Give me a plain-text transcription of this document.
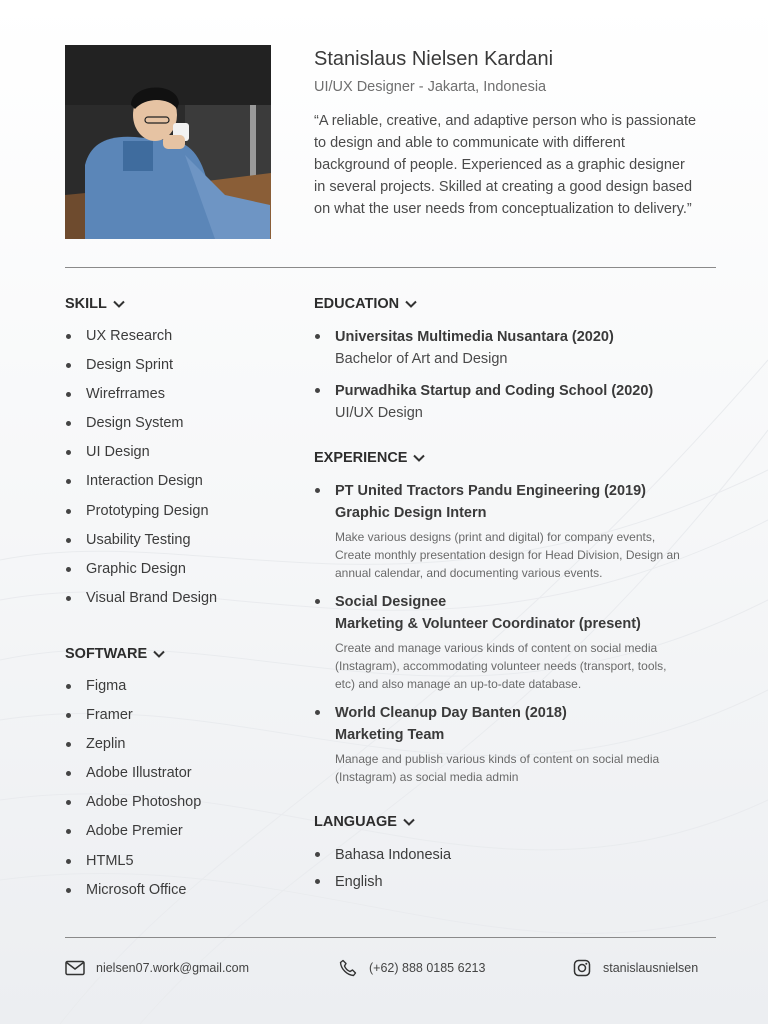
Stanislaus Nielsen Kardani
UI/UX Designer - Jakarta, Indonesia

“A reliable, creative, and adaptive person who is passionate to design and able to communicate with different background of people. Experienced as a graphic designer in several projects. Skilled at creating a good design based on what the user needs from conceptualization to delivery.”

SKILL
UX Research
Design Sprint
Wirefrrames
Design System
UI Design
Interaction Design
Prototyping Design
Usability Testing
Graphic Design
Visual Brand Design
SOFTWARE
Figma
Framer
Zeplin
Adobe Illustrator
Adobe Photoshop
Adobe Premier
HTML5
Microsoft Office
EDUCATION
Universitas Multimedia Nusantara (2020)
Bachelor of Art and Design
Purwadhika Startup and Coding School (2020)
UI/UX Design
EXPERIENCE
PT United Tractors Pandu Engineering (2019)
Graphic Design Intern
Make various designs (print and digital) for company events, Create monthly presentation design for Head Division, Design an annual calendar, and documenting various events.
Social Designee
Marketing & Volunteer Coordinator (present)
Create and manage various kinds of content on social media (Instagram), accommodating volunteer needs (transport, tools, etc) and also manage an up-to-date database.
World Cleanup Day Banten (2018)
Marketing Team
Manage and publish various kinds of content on social media (Instagram) as social media admin
LANGUAGE
Bahasa Indonesia
English
nielsen07.work@gmail.com	(+62) 888 0185 6213	stanislausnielsen
